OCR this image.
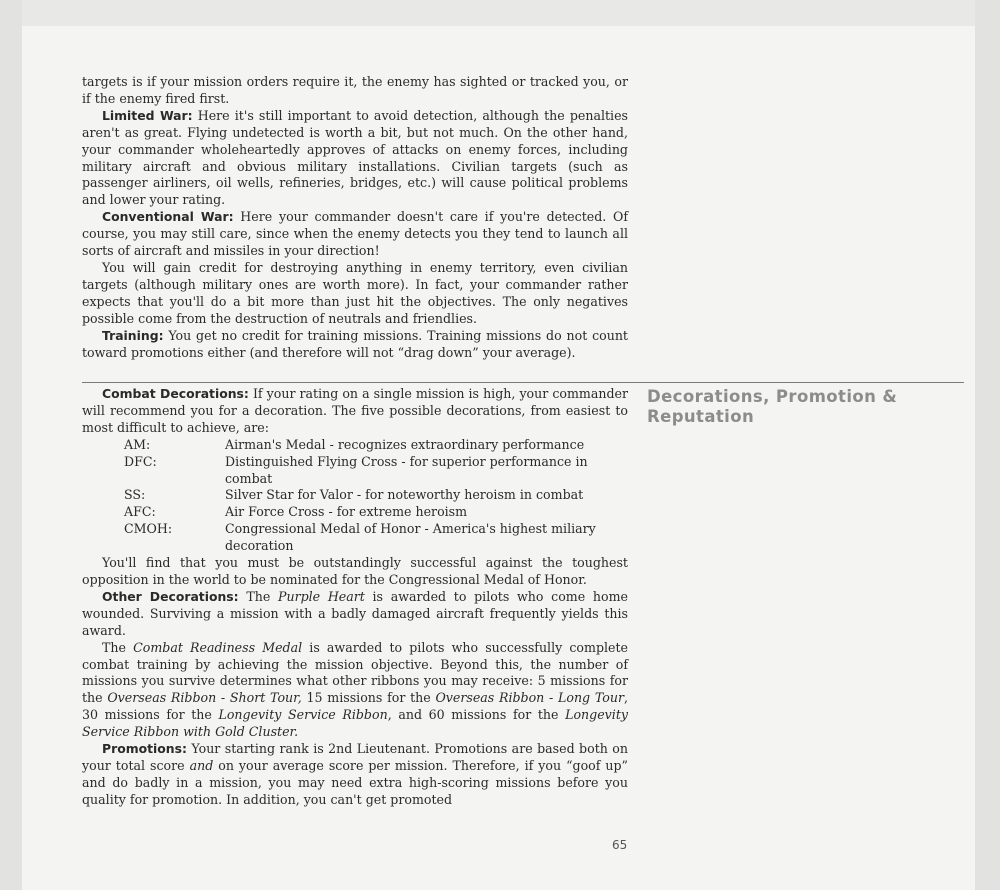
targets is if your mission orders require it, the enemy has sighted or tracked you, or if the enemy fired first.

Limited War: Here it's still important to avoid detection, although the penalties aren't as great. Flying undetected is worth a bit, but not much. On the other hand, your commander wholeheartedly approves of attacks on enemy forces, including military aircraft and obvious military installations. Civilian targets (such as passenger airliners, oil wells, refineries, bridges, etc.) will cause political problems and lower your rating.

Conventional War: Here your commander doesn't care if you're detected. Of course, you may still care, since when the enemy detects you they tend to launch all sorts of aircraft and missiles in your direction!

You will gain credit for destroying anything in enemy territory, even civilian targets (although military ones are worth more). In fact, your commander rather expects that you'll do a bit more than just hit the objectives. The only negatives possible come from the destruction of neutrals and friendlies.

Training: You get no credit for training missions. Training missions do not count toward promotions either (and therefore will not “drag down” your average).

Decorations, Promotion & Reputation

Combat Decorations: If your rating on a single mission is high, your commander will recommend you for a decoration. The five possible decorations, from easiest to most difficult to achieve, are:

AM:	Airman's Medal - recognizes extraordinary performance
DFC:	Distinguished Flying Cross - for superior performance in combat
SS:	Silver Star for Valor - for noteworthy heroism in combat
AFC:	Air Force Cross - for extreme heroism
CMOH:	Congressional Medal of Honor - America's highest miliary decoration

You'll find that you must be outstandingly successful against the toughest opposition in the world to be nominated for the Congressional Medal of Honor.

Other Decorations: The Purple Heart is awarded to pilots who come home wounded. Surviving a mission with a badly damaged aircraft frequently yields this award.

The Combat Readiness Medal is awarded to pilots who successfully complete combat training by achieving the mission objective. Beyond this, the number of missions you survive determines what other ribbons you may receive: 5 missions for the Overseas Ribbon - Short Tour, 15 missions for the Overseas Ribbon - Long Tour, 30 missions for the Longevity Service Ribbon, and 60 missions for the Longevity Service Ribbon with Gold Cluster.

Promotions: Your starting rank is 2nd Lieutenant. Promotions are based both on your total score and on your average score per mission. Therefore, if you “goof up” and do badly in a mission, you may need extra high-scoring missions before you quality for promotion. In addition, you can't get promoted

65
